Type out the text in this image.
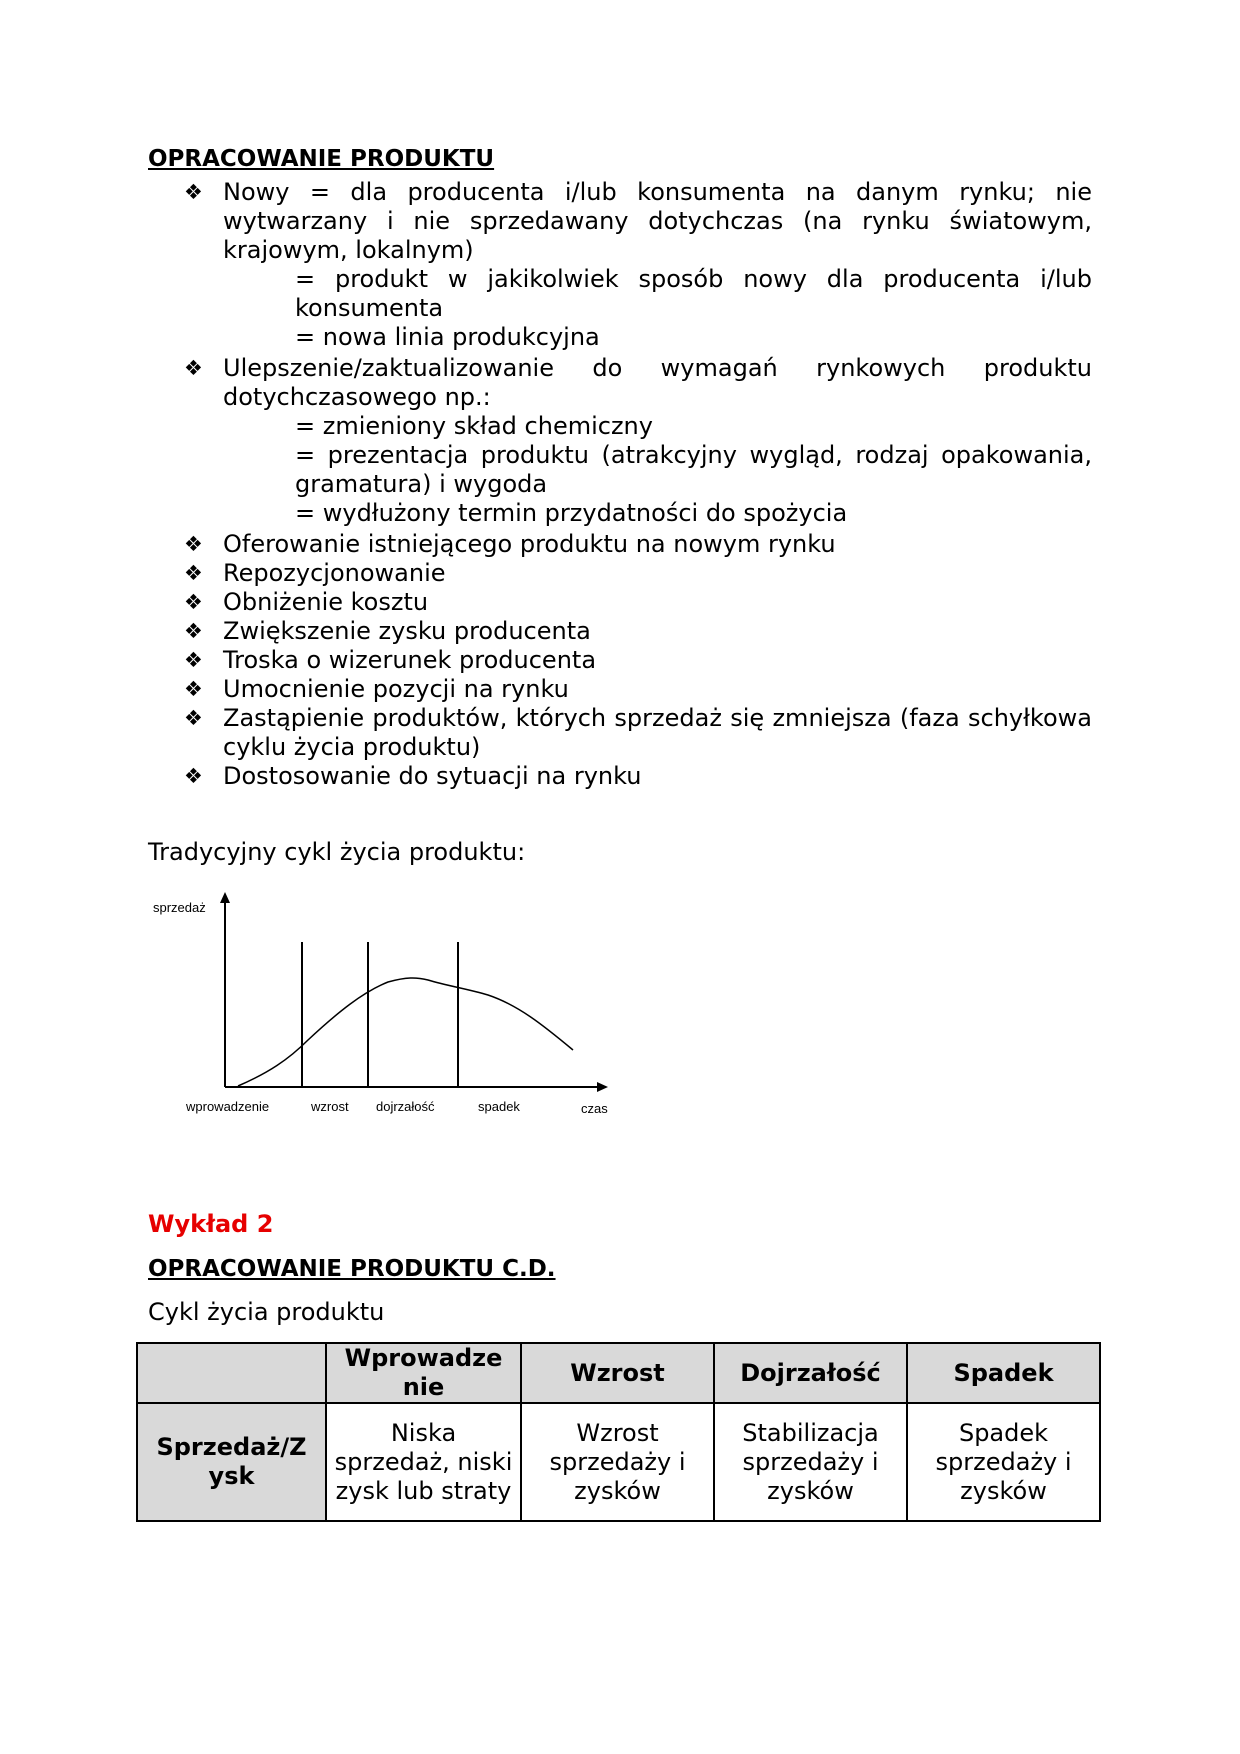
OPRACOWANIE PRODUKTU

❖ Nowy = dla producenta i/lub konsumenta na danym rynku; nie wytwarzany i nie sprzedawany dotychczas (na rynku światowym, krajowym, lokalnym)
= produkt w jakikolwiek sposób nowy dla producenta i/lub konsumenta
= nowa linia produkcyjna
❖ Ulepszenie/zaktualizowanie do wymagań rynkowych produktu dotychczasowego np.:
= zmieniony skład chemiczny
= prezentacja produktu (atrakcyjny wygląd, rodzaj opakowania, gramatura) i wygoda
= wydłużony termin przydatności do spożycia
❖ Oferowanie istniejącego produktu na nowym rynku
❖ Repozycjonowanie
❖ Obniżenie kosztu
❖ Zwiększenie zysku producenta
❖ Troska o wizerunek producenta
❖ Umocnienie pozycji na rynku
❖ Zastąpienie produktów, których sprzedaż się zmniejsza (faza schyłkowa cyklu życia produktu)
❖ Dostosowanie do sytuacji na rynku

Tradycyjny cykl życia produktu:

sprzedaż
wprowadzenie	wzrost dojrzałość	spadek	czas

Wykład 2

OPRACOWANIE PRODUKTU C.D.

Cykl życia produktu

	Wprowadze nie	Wzrost	Dojrzałość	Spadek
Sprzedaż/Z ysk	Niska sprzedaż, niski zysk lub straty	Wzrost sprzedaży i zysków	Stabilizacja sprzedaży i zysków	Spadek sprzedaży i zysków
